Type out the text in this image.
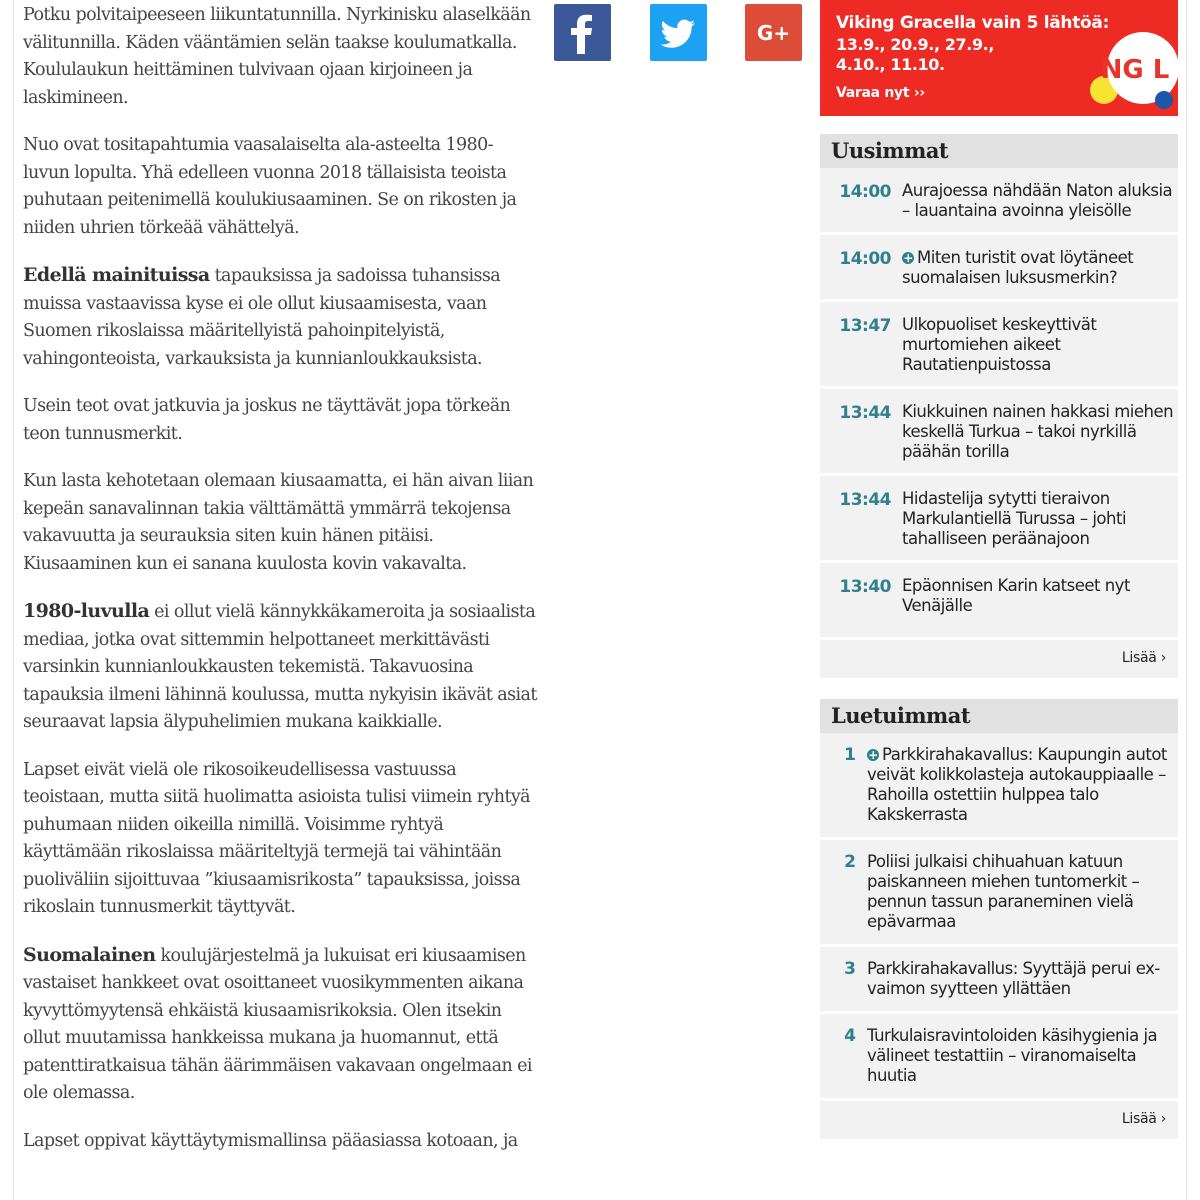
Potku polvitaipeeseen liikuntatunnilla. Nyrkinisku alaselkään välitunnilla. Käden vääntämien selän taakse koulumatkalla. Koululaukun heittäminen tulvivaan ojaan kirjoineen ja laskimineen.

Nuo ovat tositapahtumia vaasalaiselta ala-asteelta 1980-luvun lopulta. Yhä edelleen vuonna 2018 tällaisista teoista puhutaan peitenimellä koulukiusaaminen. Se on rikosten ja niiden uhrien törkeää vähättelyä.

Edellä mainituissa tapauksissa ja sadoissa tuhansissa muissa vastaavissa kyse ei ole ollut kiusaamisesta, vaan Suomen rikoslaissa määritellyistä pahoinpitelyistä, vahingonteoista, varkauksista ja kunnianloukkauksista.

Usein teot ovat jatkuvia ja joskus ne täyttävät jopa törkeän teon tunnusmerkit.

Kun lasta kehotetaan olemaan kiusaamatta, ei hän aivan liian kepeän sanavalinnan takia välttämättä ymmärrä tekojensa vakavuutta ja seurauksia siten kuin hänen pitäisi. Kiusaaminen kun ei sanana kuulosta kovin vakavalta.

1980-luvulla ei ollut vielä kännykkäkameroita ja sosiaalista mediaa, jotka ovat sittemmin helpottaneet merkittävästi varsinkin kunnianloukkausten tekemistä. Takavuosina tapauksia ilmeni lähinnä koulussa, mutta nykyisin ikävät asiat seuraavat lapsia älypuhelimien mukana kaikkialle.

Lapset eivät vielä ole rikosoikeudellisessa vastuussa teoistaan, mutta siitä huolimatta asioista tulisi viimein ryhtyä puhumaan niiden oikeilla nimillä. Voisimme ryhtyä käyttämään rikoslaissa määriteltyjä termejä tai vähintään puoliväliin sijoittuvaa ”kiusaamisrikosta” tapauksissa, joissa rikoslain tunnusmerkit täyttyvät.

Suomalainen koulujärjestelmä ja lukuisat eri kiusaamisen vastaiset hankkeet ovat osoittaneet vuosikymmenten aikana kyvyttömyytensä ehkäistä kiusaamisrikoksia. Olen itsekin ollut muutamissa hankkeissa mukana ja huomannut, että patenttiratkaisua tähän äärimmäisen vakavaan ongelmaan ei ole olemassa.

Lapset oppivat käyttäytymismallinsa pääasiassa kotoaan, ja

G+	Viking Gracella vain 5 lähtöä:
13.9., 20.9., 27.9., 4.10., 11.10.
Varaa nyt ››
NG L
Uusimmat
14:00 Aurajoessa nähdään Naton aluksia – lauantaina avoinna yleisölle
14:00 + Miten turistit ovat löytäneet suomalaisen luksusmerkin?
13:47 Ulkopuoliset keskeyttivät murtomiehen aikeet Rautatienpuistossa
13:44 Kiukkuinen nainen hakkasi miehen keskellä Turkua – takoi nyrkillä päähän torilla
13:44 Hidastelija sytytti tieraivon Markulantiellä Turussa – johti tahalliseen peräänajoon
13:40 Epäonnisen Karin katseet nyt Venäjälle
Lisää ›
Luetuimmat
1 + Parkkirahakavallus: Kaupungin autot veivät kolikkolasteja autokauppiaalle – Rahoilla ostettiin hulppea talo Kakskerrasta
2 Poliisi julkaisi chihuahuan katuun paiskanneen miehen tuntomerkit – pennun tassun paraneminen vielä epävarmaa
3 Parkkirahakavallus: Syyttäjä perui ex-vaimon syytteen yllättäen
4 Turkulaisravintoloiden käsihygienia ja välineet testattiin – viranomaiselta huutia
Lisää ›
